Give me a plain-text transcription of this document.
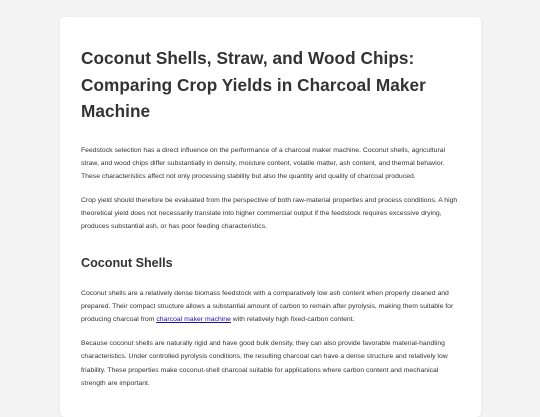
Coconut Shells, Straw, and Wood Chips: Comparing Crop Yields in Charcoal Maker Machine

Feedstock selection has a direct influence on the performance of a charcoal maker machine. Coconut shells, agricultural straw, and wood chips differ substantially in density, moisture content, volatile matter, ash content, and thermal behavior. These characteristics affect not only processing stability but also the quantity and quality of charcoal produced.

Crop yield should therefore be evaluated from the perspective of both raw-material properties and process conditions. A high theoretical yield does not necessarily translate into higher commercial output if the feedstock requires excessive drying, produces substantial ash, or has poor feeding characteristics.

Coconut Shells

Coconut shells are a relatively dense biomass feedstock with a comparatively low ash content when properly cleaned and prepared. Their compact structure allows a substantial amount of carbon to remain after pyrolysis, making them suitable for producing charcoal from charcoal maker machine with relatively high fixed-carbon content.

Because coconut shells are naturally rigid and have good bulk density, they can also provide favorable material-handling characteristics. Under controlled pyrolysis conditions, the resulting charcoal can have a dense structure and relatively low friability. These properties make coconut-shell charcoal suitable for applications where carbon content and mechanical strength are important.
